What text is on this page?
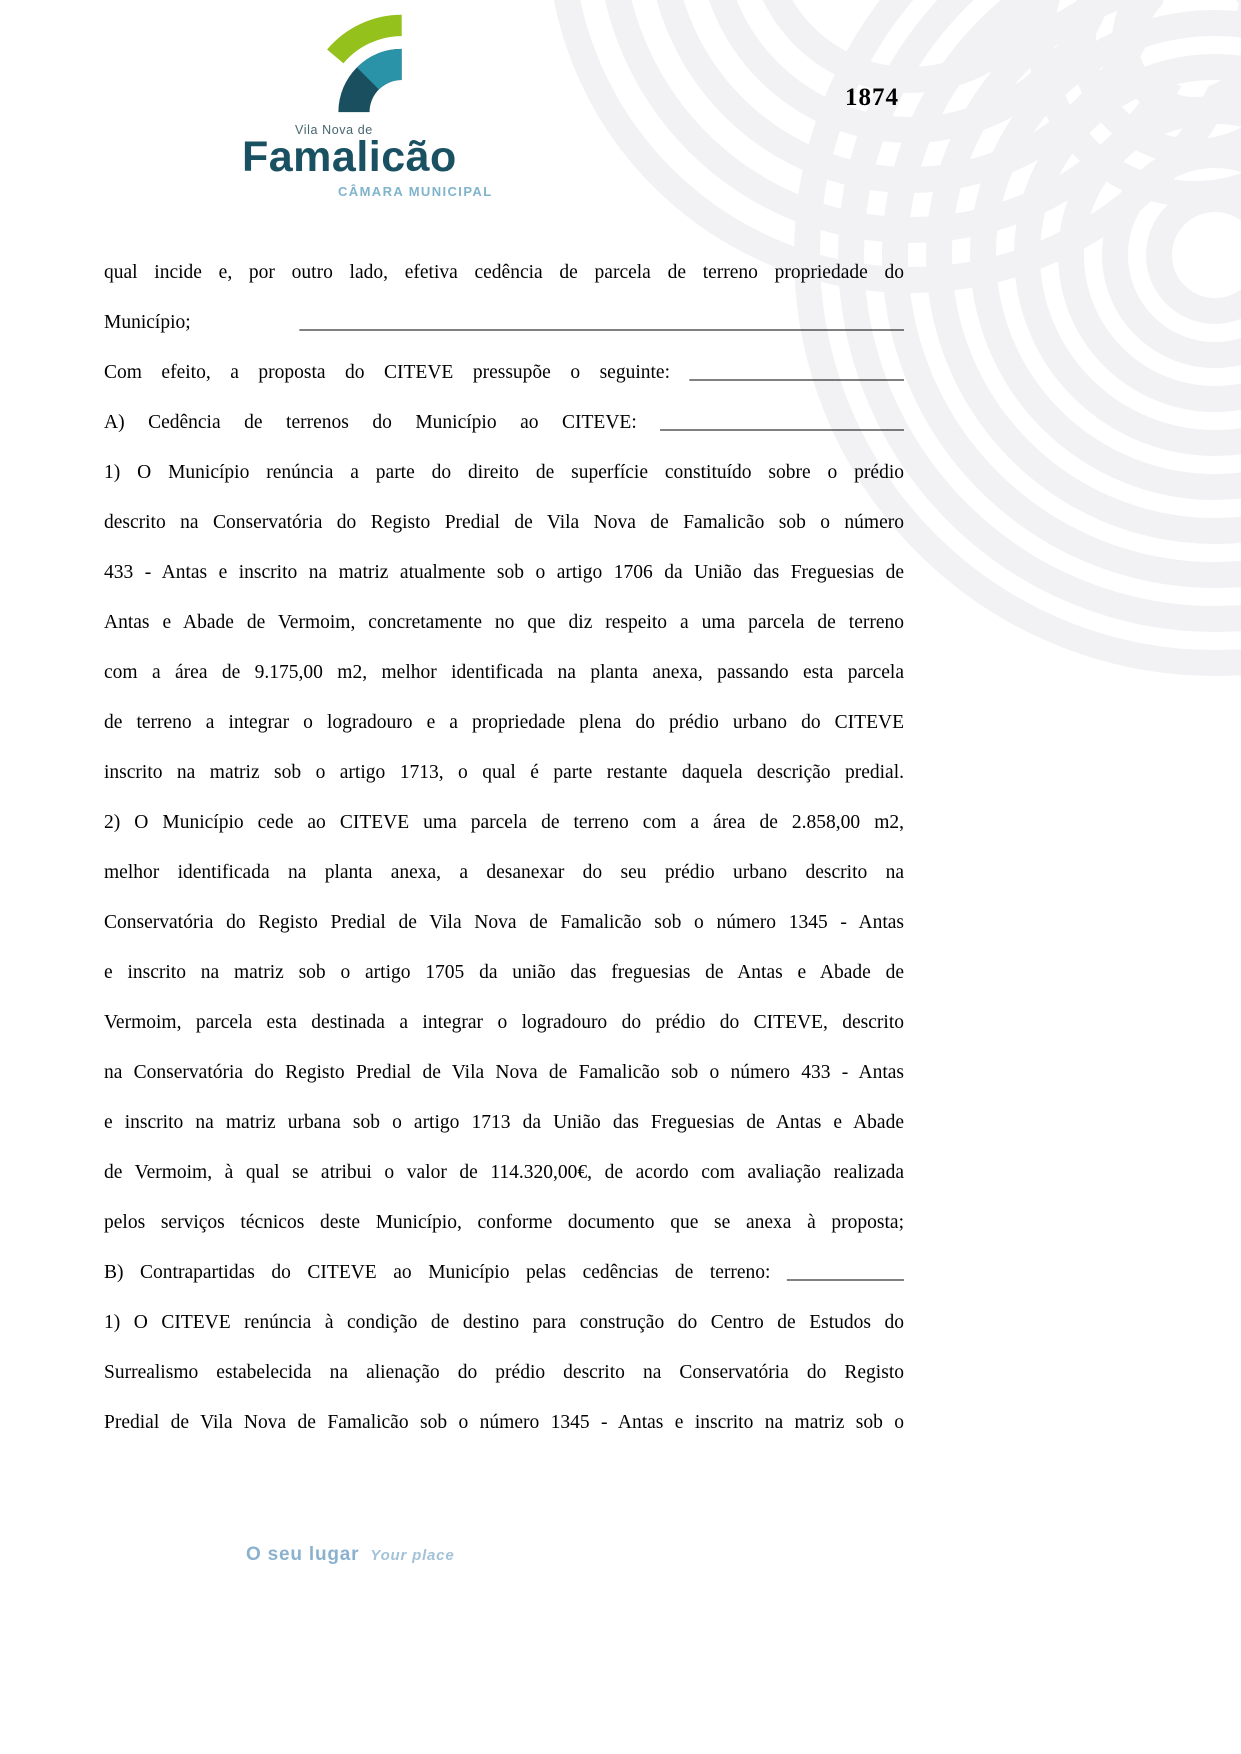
Vila Nova de
Famalicão
CÂMARA MUNICIPAL
1874
qual incide e, por outro lado, efetiva cedência de parcela de terreno propriedade do
Município; ______________________________________________________________
Com efeito, a proposta do CITEVE pressupõe o seguinte: ______________________
A) Cedência de terrenos do Município ao CITEVE: _________________________
1) O Município renúncia a parte do direito de superfície constituído sobre o prédio
descrito na Conservatória do Registo Predial de Vila Nova de Famalicão sob o número
433 - Antas e inscrito na matriz atualmente sob o artigo 1706 da União das Freguesias de
Antas e Abade de Vermoim, concretamente no que diz respeito a uma parcela de terreno
com a área de 9.175,00 m2, melhor identificada na planta anexa, passando esta parcela
de terreno a integrar o logradouro e a propriedade plena do prédio urbano do CITEVE
inscrito na matriz sob o artigo 1713, o qual é parte restante daquela descrição predial.
2) O Município cede ao CITEVE uma parcela de terreno com a área de 2.858,00 m2,
melhor identificada na planta anexa, a desanexar do seu prédio urbano descrito na
Conservatória do Registo Predial de Vila Nova de Famalicão sob o número 1345 - Antas
e inscrito na matriz sob o artigo 1705 da união das freguesias de Antas e Abade de
Vermoim, parcela esta destinada a integrar o logradouro do prédio do CITEVE, descrito
na Conservatória do Registo Predial de Vila Nova de Famalicão sob o número 433 - Antas
e inscrito na matriz urbana sob o artigo 1713 da União das Freguesias de Antas e Abade
de Vermoim, à qual se atribui o valor de 114.320,00€, de acordo com avaliação realizada
pelos serviços técnicos deste Município, conforme documento que se anexa à proposta;
B) Contrapartidas do CITEVE ao Município pelas cedências de terreno: ____________
1) O CITEVE renúncia à condição de destino para construção do Centro de Estudos do
Surrealismo estabelecida na alienação do prédio descrito na Conservatória do Registo
Predial de Vila Nova de Famalicão sob o número 1345 - Antas e inscrito na matriz sob o
O seu lugar Your place
